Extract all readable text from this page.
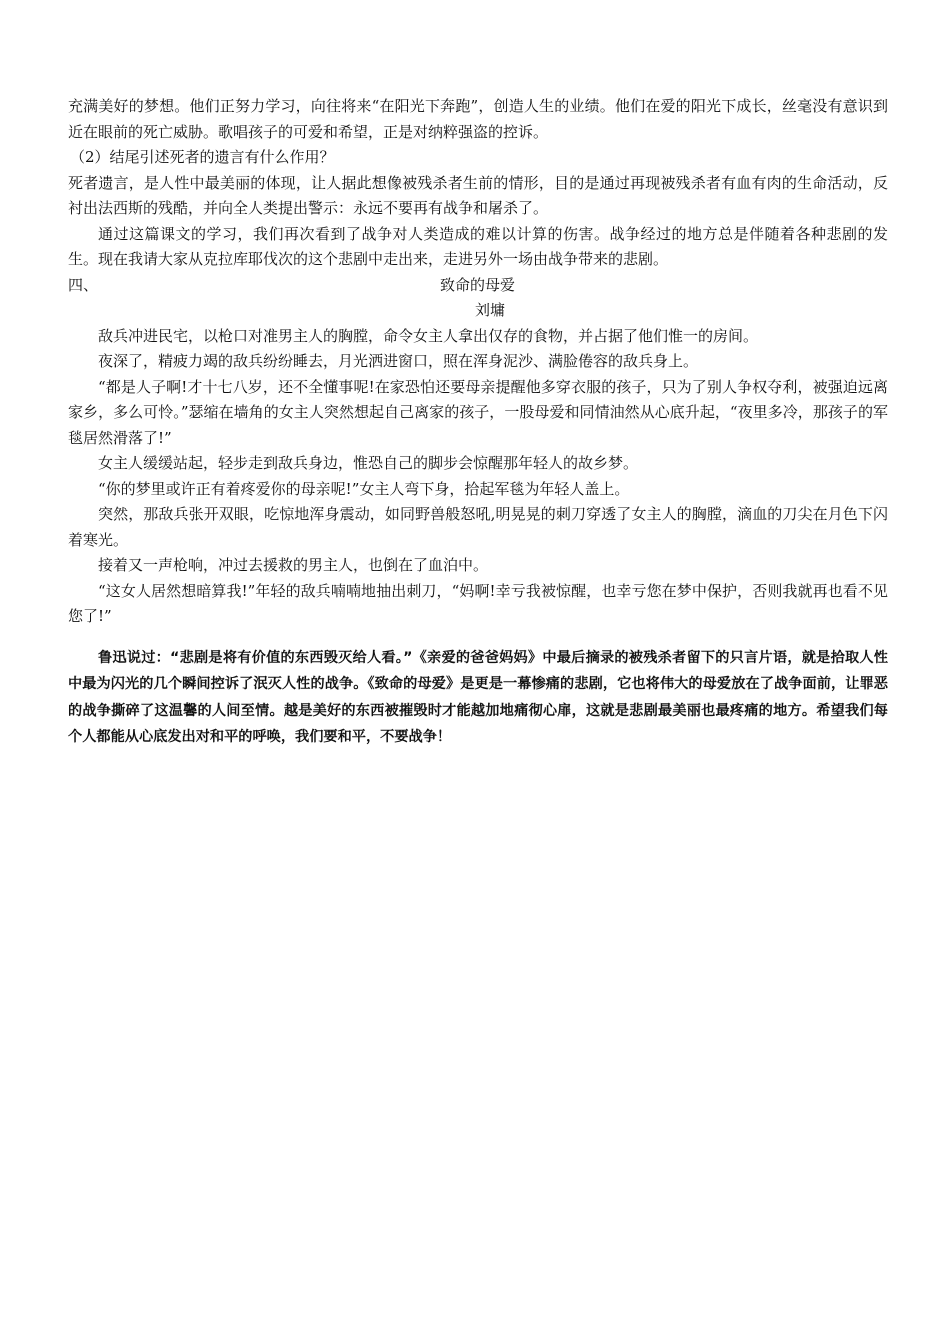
充满美好的梦想。他们正努力学习，向往将来“在阳光下奔跑”，创造人生的业绩。他们在爱的阳光下成长，丝毫没有意识到近在眼前的死亡威胁。歌唱孩子的可爱和希望，正是对纳粹强盗的控诉。

（2）结尾引述死者的遗言有什么作用？

死者遗言，是人性中最美丽的体现，让人据此想像被残杀者生前的情形，目的是通过再现被残杀者有血有肉的生命活动，反衬出法西斯的残酷，并向全人类提出警示：永远不要再有战争和屠杀了。

通过这篇课文的学习，我们再次看到了战争对人类造成的难以计算的伤害。战争经过的地方总是伴随着各种悲剧的发生。现在我请大家从克拉库耶伐次的这个悲剧中走出来，走进另外一场由战争带来的悲剧。

四、	致命的母爱

刘墉

敌兵冲进民宅，以枪口对准男主人的胸膛，命令女主人拿出仅存的食物，并占据了他们惟一的房间。

夜深了，精疲力竭的敌兵纷纷睡去，月光洒进窗口，照在浑身泥沙、满脸倦容的敌兵身上。

“都是人子啊!才十七八岁，还不全懂事呢!在家恐怕还要母亲提醒他多穿衣服的孩子，只为了别人争权夺利，被强迫远离家乡，多么可怜。”瑟缩在墙角的女主人突然想起自己离家的孩子，一股母爱和同情油然从心底升起，“夜里多冷，那孩子的军毯居然滑落了!”

女主人缓缓站起，轻步走到敌兵身边，惟恐自己的脚步会惊醒那年轻人的故乡梦。

“你的梦里或许正有着疼爱你的母亲呢!”女主人弯下身，拾起军毯为年轻人盖上。

突然，那敌兵张开双眼，吃惊地浑身震动，如同野兽般怒吼,明晃晃的刺刀穿透了女主人的胸膛，滴血的刀尖在月色下闪着寒光。

接着又一声枪响，冲过去援救的男主人，也倒在了血泊中。

“这女人居然想暗算我!”年轻的敌兵喃喃地抽出刺刀，“妈啊!幸亏我被惊醒，也幸亏您在梦中保护，否则我就再也看不见您了!”

鲁迅说过：“悲剧是将有价值的东西毁灭给人看。”《亲爱的爸爸妈妈》中最后摘录的被残杀者留下的只言片语，就是拾取人性中最为闪光的几个瞬间控诉了泯灭人性的战争。《致命的母爱》是更是一幕惨痛的悲剧，它也将伟大的母爱放在了战争面前，让罪恶的战争撕碎了这温馨的人间至情。越是美好的东西被摧毁时才能越加地痛彻心扉，这就是悲剧最美丽也最疼痛的地方。希望我们每个人都能从心底发出对和平的呼唤，我们要和平，不要战争！
